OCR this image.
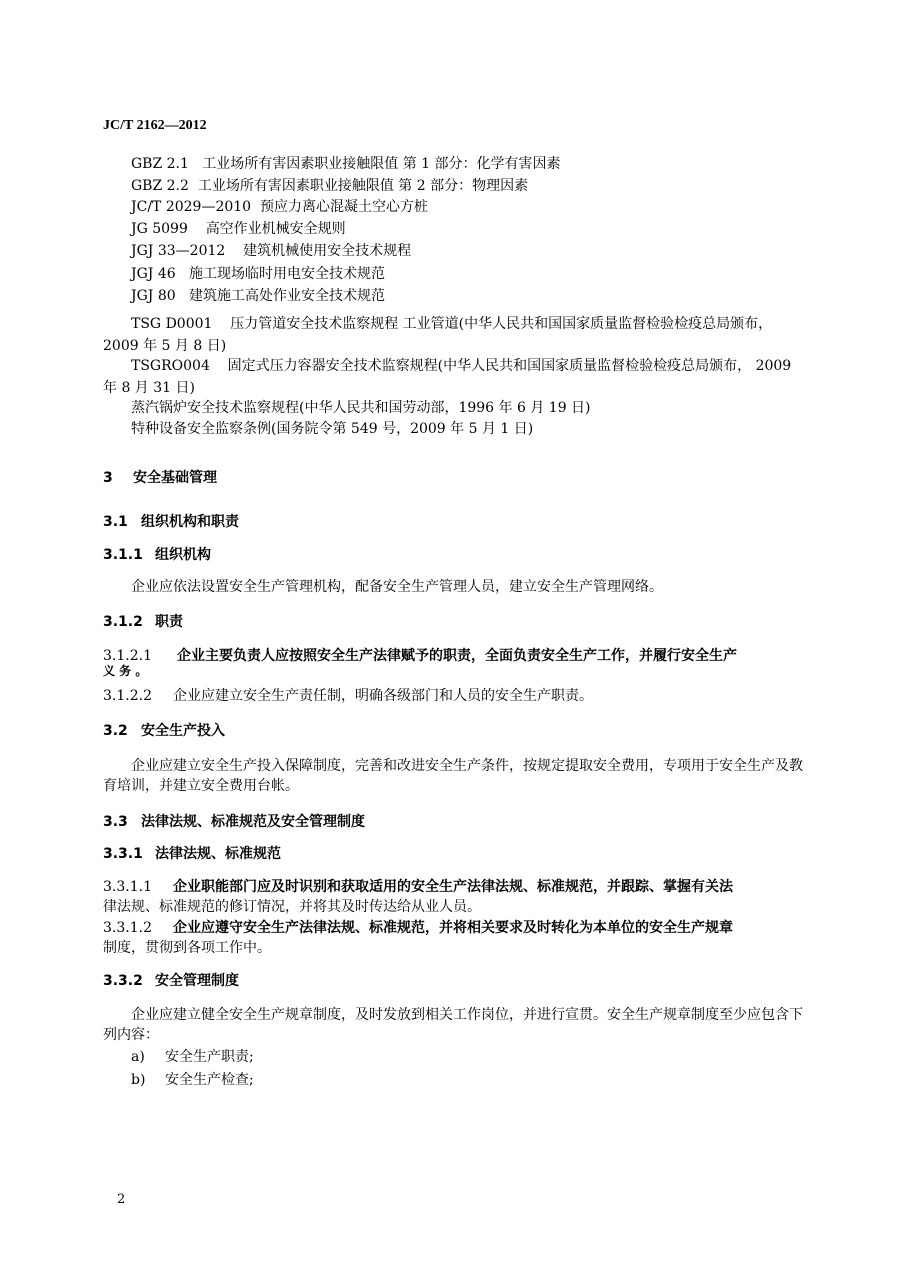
JC/T 2162—2012
GBZ 2.1 工业场所有害因素职业接触限值 第 1 部分：化学有害因素
GBZ 2.2 工业场所有害因素职业接触限值 第 2 部分：物理因素
JC/T 2029—2010 预应力离心混凝土空心方桩
JG 5099 高空作业机械安全规则
JGJ 33—2012 建筑机械使用安全技术规程
JGJ 46 施工现场临时用电安全技术规范
JGJ 80 建筑施工高处作业安全技术规范
TSG D0001 压力管道安全技术监察规程 工业管道(中华人民共和国国家质量监督检验检疫总局颁布，2009 年 5 月 8 日)
TSGRO004 固定式压力容器安全技术监察规程(中华人民共和国国家质量监督检验检疫总局颁布， 2009 年 8 月 31 日)
蒸汽锅炉安全技术监察规程(中华人民共和国劳动部，1996 年 6 月 19 日)
特种设备安全监察条例(国务院令第 549 号，2009 年 5 月 1 日)
3 安全基础管理
3.1 组织机构和职责
3.1.1 组织机构
企业应依法设置安全生产管理机构，配备安全生产管理人员，建立安全生产管理网络。
3.1.2 职责
3.1.2.1 企业主要负责人应按照安全生产法律赋予的职责，全面负责安全生产工作，并履行安全生产
义 务 。
3.1.2.2 企业应建立安全生产责任制，明确各级部门和人员的安全生产职责。
3.2 安全生产投入
企业应建立安全生产投入保障制度，完善和改进安全生产条件，按规定提取安全费用，专项用于安全生产及教育培训，并建立安全费用台帐。
3.3 法律法规、标准规范及安全管理制度
3.3.1 法律法规、标准规范
3.3.1.1 企业职能部门应及时识别和获取适用的安全生产法律法规、标准规范，并跟踪、掌握有关法
律法规、标准规范的修订情况，并将其及时传达给从业人员。
3.3.1.2 企业应遵守安全生产法律法规、标准规范，并将相关要求及时转化为本单位的安全生产规章
制度，贯彻到各项工作中。
3.3.2 安全管理制度
企业应建立健全安全生产规章制度，及时发放到相关工作岗位，并进行宣贯。安全生产规章制度至少应包含下列内容：
a) 安全生产职责;
b) 安全生产检查;
2
